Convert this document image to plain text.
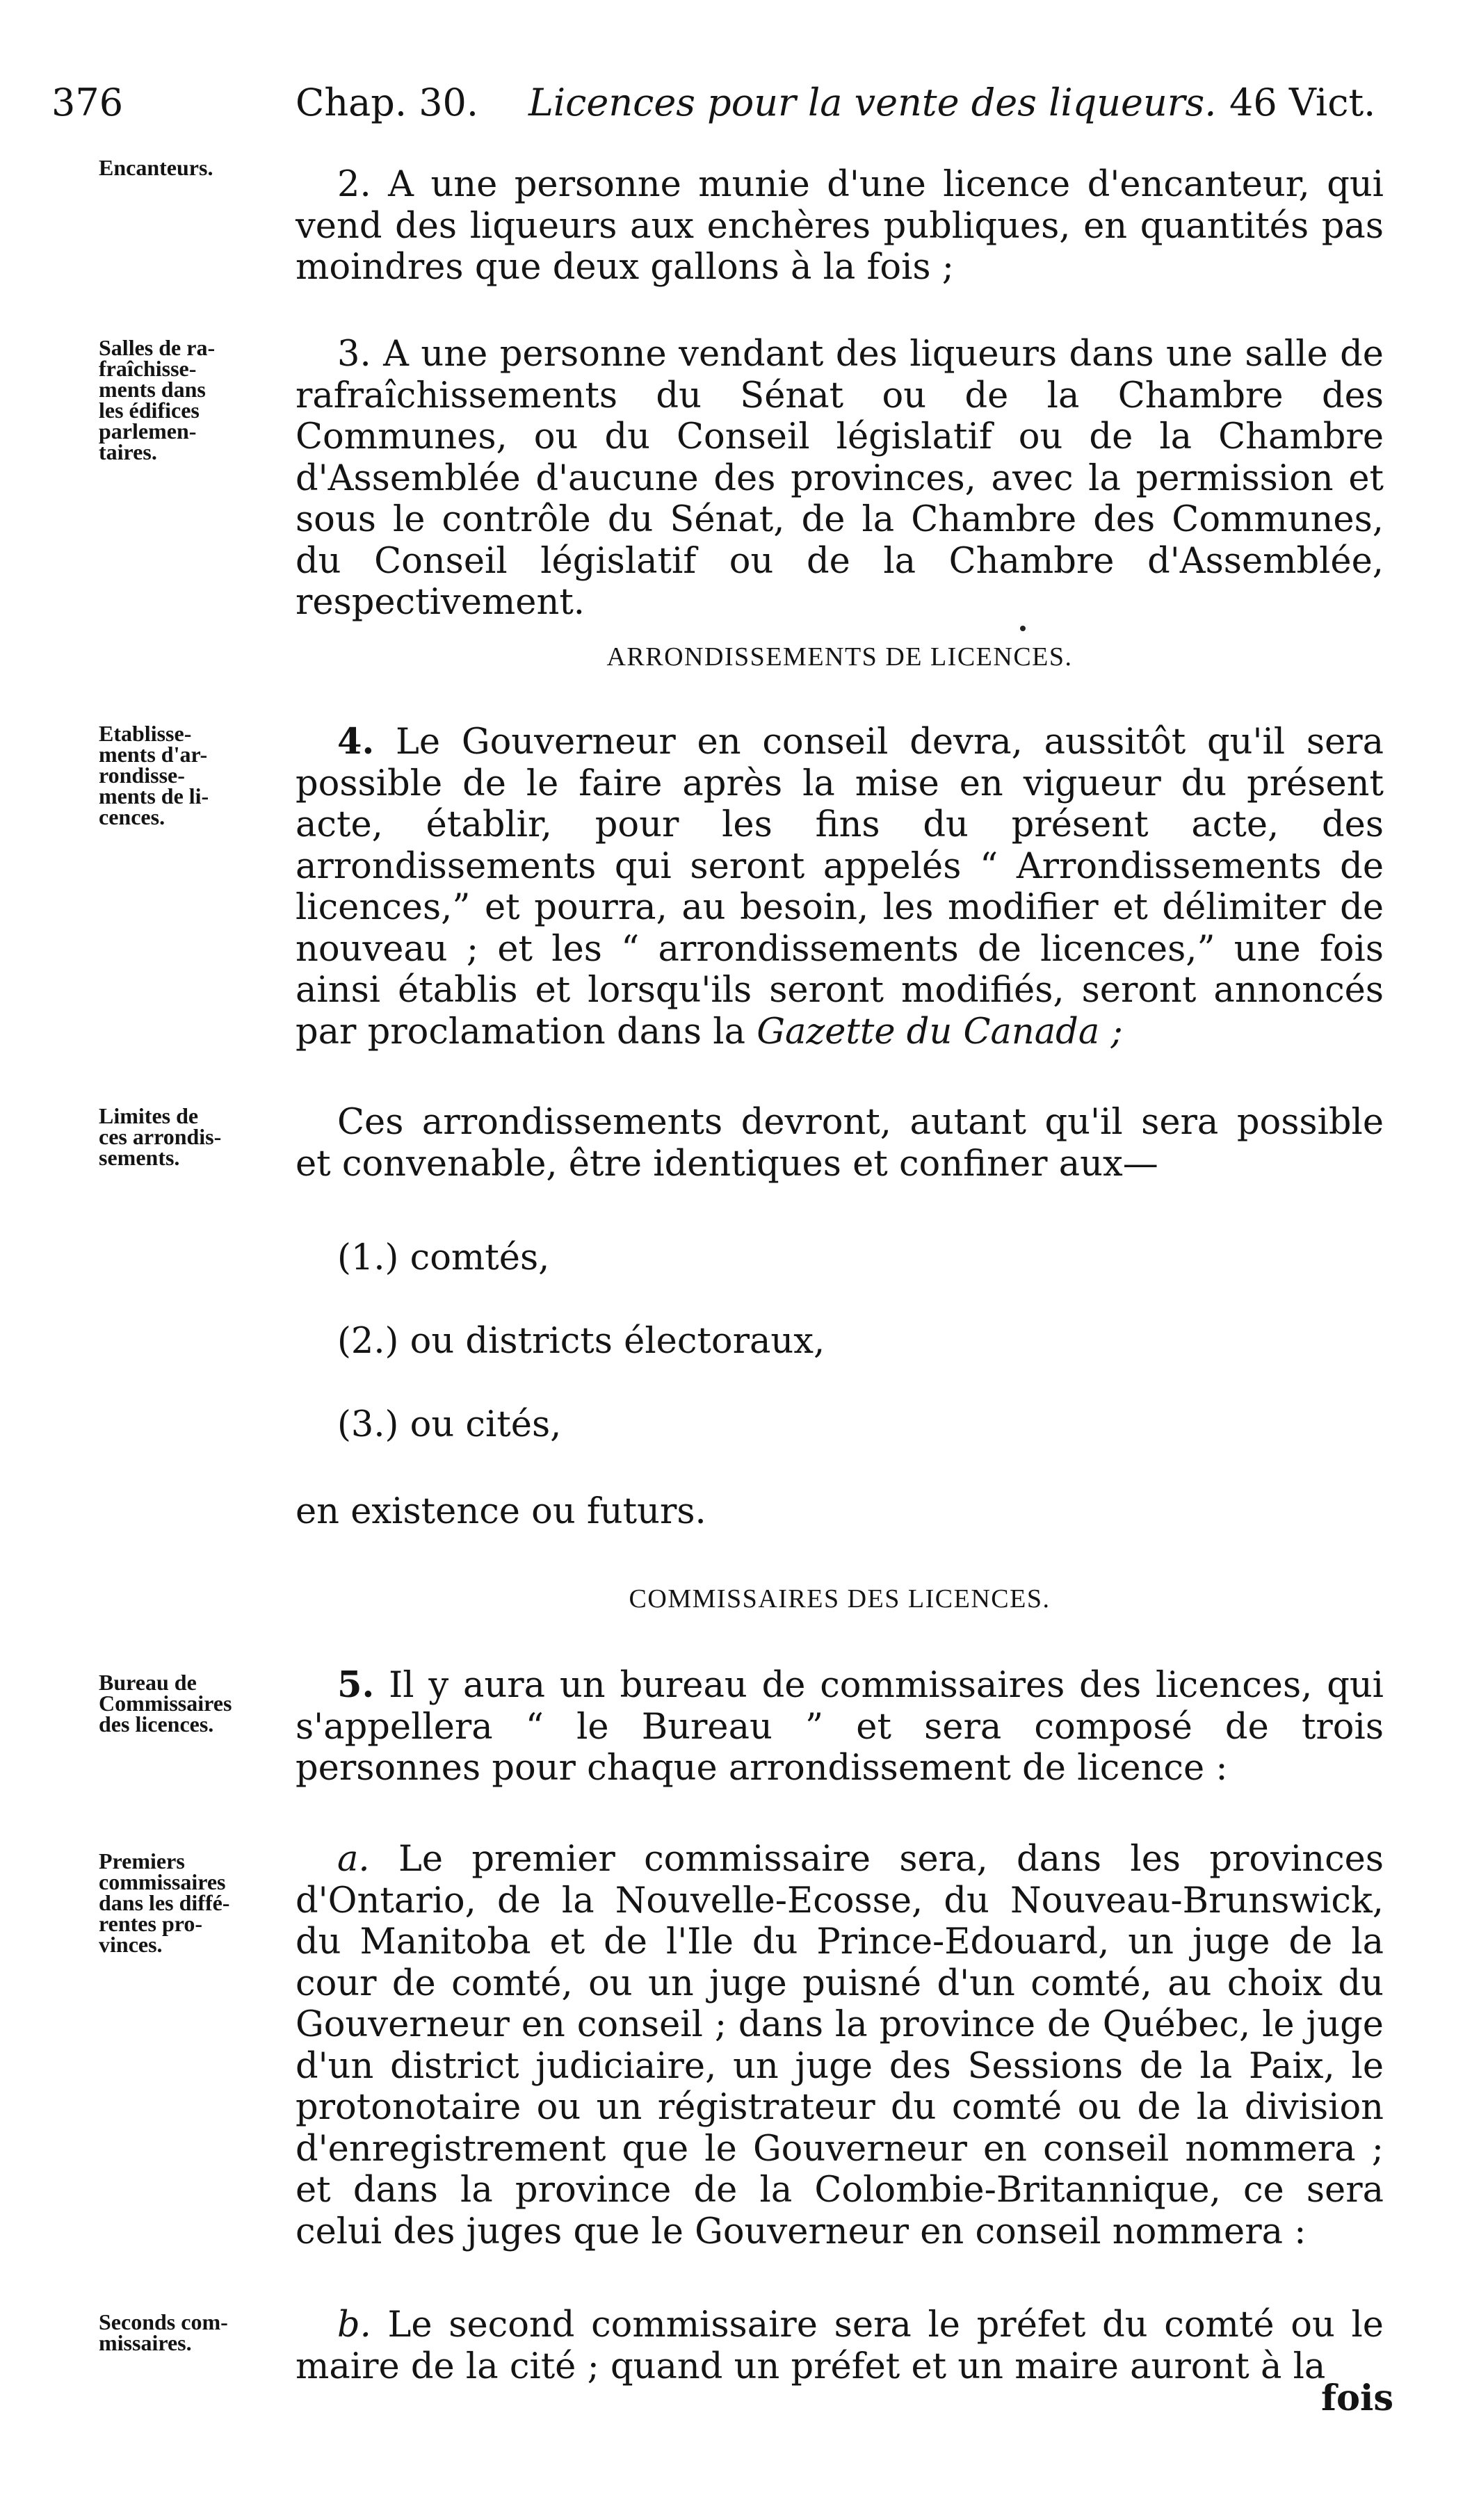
376	Chap. 30. Licences pour la vente des liqueurs. 46 Vict.
Encanteurs.	2. A une personne munie d'une licence d'encanteur, qui vend des liqueurs aux enchères publiques, en quantités pas moindres que deux gallons à la fois ;

Salles de ra-
fraîchisse-
ments dans
les édifices
parlemen-
taires.

3. A une personne vendant des liqueurs dans une salle de rafraîchissements du Sénat ou de la Chambre des Communes, ou du Conseil législatif ou de la Chambre d'Assemblée d'aucune des provinces, avec la permission et sous le contrôle du Sénat, de la Chambre des Communes, du Conseil législatif ou de la Chambre d'Assemblée, respectivement.

ARRONDISSEMENTS DE LICENCES.
Etablisse-
ments d'ar-
rondisse-
ments de li-
cences.

4. Le Gouverneur en conseil devra, aussitôt qu'il sera possible de le faire après la mise en vigueur du présent acte, établir, pour les fins du présent acte, des arrondissements qui seront appelés “ Arrondissements de licences,” et pourra, au besoin, les modifier et délimiter de nouveau ; et les “ arrondissements de licences,” une fois ainsi établis et lorsqu'ils seront modifiés, seront annoncés par proclamation dans la Gazette du Canada ;

Limites de
ces arrondis-
sements.

Ces arrondissements devront, autant qu'il sera possible et convenable, être identiques et confiner aux—

(1.) comtés,
(2.) ou districts électoraux,
(3.) ou cités,
en existence ou futurs.
COMMISSAIRES DES LICENCES.
Bureau de
Commissaires
des licences.

5. Il y aura un bureau de commissaires des licences, qui s'appellera “ le Bureau ” et sera composé de trois personnes pour chaque arrondissement de licence :

Premiers
commissaires
dans les diffé-
rentes pro-
vinces.

a. Le premier commissaire sera, dans les provinces d'Ontario, de la Nouvelle-Ecosse, du Nouveau-Brunswick, du Manitoba et de l'Ile du Prince-Edouard, un juge de la cour de comté, ou un juge puisné d'un comté, au choix du Gouverneur en conseil ; dans la province de Québec, le juge d'un district judiciaire, un juge des Sessions de la Paix, le protonotaire ou un régistrateur du comté ou de la division d'enregistrement que le Gouverneur en conseil nommera ; et dans la province de la Colombie-Britannique, ce sera celui des juges que le Gouverneur en conseil nommera :

Seconds com-
missaires.	b. Le second commissaire sera le préfet du comté ou le maire de la cité ; quand un préfet et un maire auront à la

fois
